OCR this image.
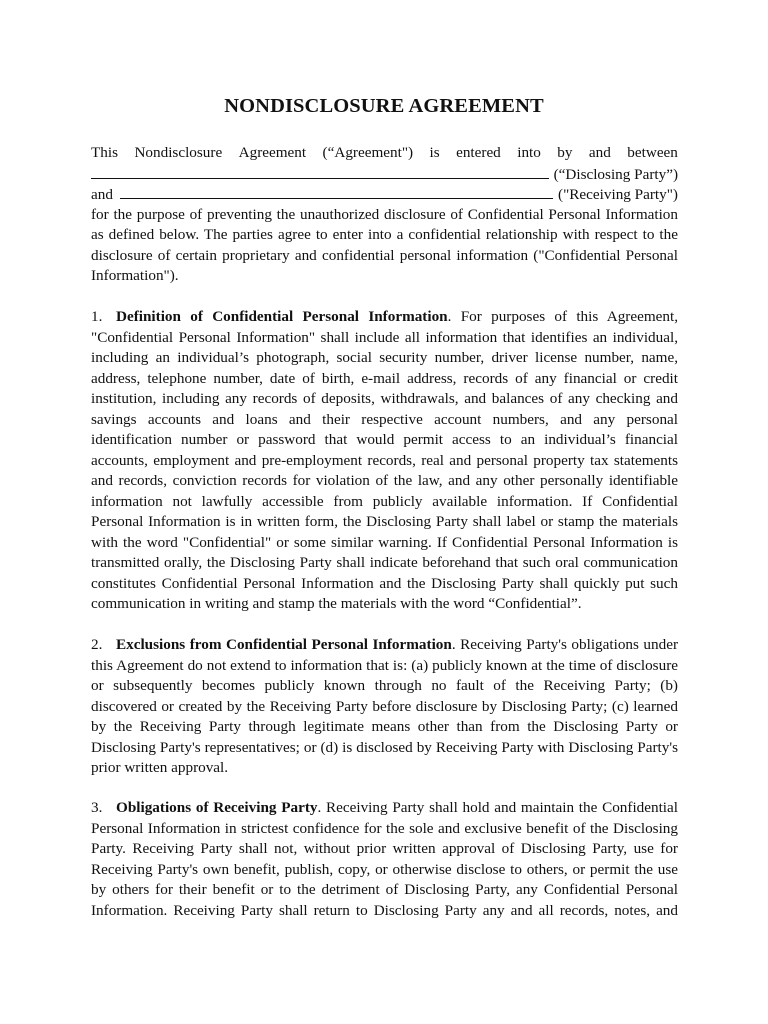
NONDISCLOSURE AGREEMENT
This Nondisclosure Agreement (“Agreement") is entered into by and between
(“Disclosing Party”)
and	("Receiving Party")

for the purpose of preventing the unauthorized disclosure of Confidential Personal Information as defined below. The parties agree to enter into a confidential relationship with respect to the disclosure of certain proprietary and confidential personal information ("Confidential Personal Information").

1. Definition of Confidential Personal Information. For purposes of this Agreement, "Confidential Personal Information" shall include all information that identifies an individual, including an individual’s photograph, social security number, driver license number, name, address, telephone number, date of birth, e-mail address, records of any financial or credit institution, including any records of deposits, withdrawals, and balances of any checking and savings accounts and loans and their respective account numbers, and any personal identification number or password that would permit access to an individual’s financial accounts, employment and pre-employment records, real and personal property tax statements and records, conviction records for violation of the law, and any other personally identifiable information not lawfully accessible from publicly available information. If Confidential Personal Information is in written form, the Disclosing Party shall label or stamp the materials with the word "Confidential" or some similar warning. If Confidential Personal Information is transmitted orally, the Disclosing Party shall indicate beforehand that such oral communication constitutes Confidential Personal Information and the Disclosing Party shall quickly put such communication in writing and stamp the materials with the word “Confidential”.

2. Exclusions from Confidential Personal Information. Receiving Party's obligations under this Agreement do not extend to information that is: (a) publicly known at the time of disclosure or subsequently becomes publicly known through no fault of the Receiving Party; (b) discovered or created by the Receiving Party before disclosure by Disclosing Party; (c) learned by the Receiving Party through legitimate means other than from the Disclosing Party or Disclosing Party's representatives; or (d) is disclosed by Receiving Party with Disclosing Party's prior written approval.

3. Obligations of Receiving Party. Receiving Party shall hold and maintain the Confidential Personal Information in strictest confidence for the sole and exclusive benefit of the Disclosing Party. Receiving Party shall not, without prior written approval of Disclosing Party, use for Receiving Party's own benefit, publish, copy, or otherwise disclose to others, or permit the use by others for their benefit or to the detriment of Disclosing Party, any Confidential Personal Information. Receiving Party shall return to Disclosing Party any and all records, notes, and
